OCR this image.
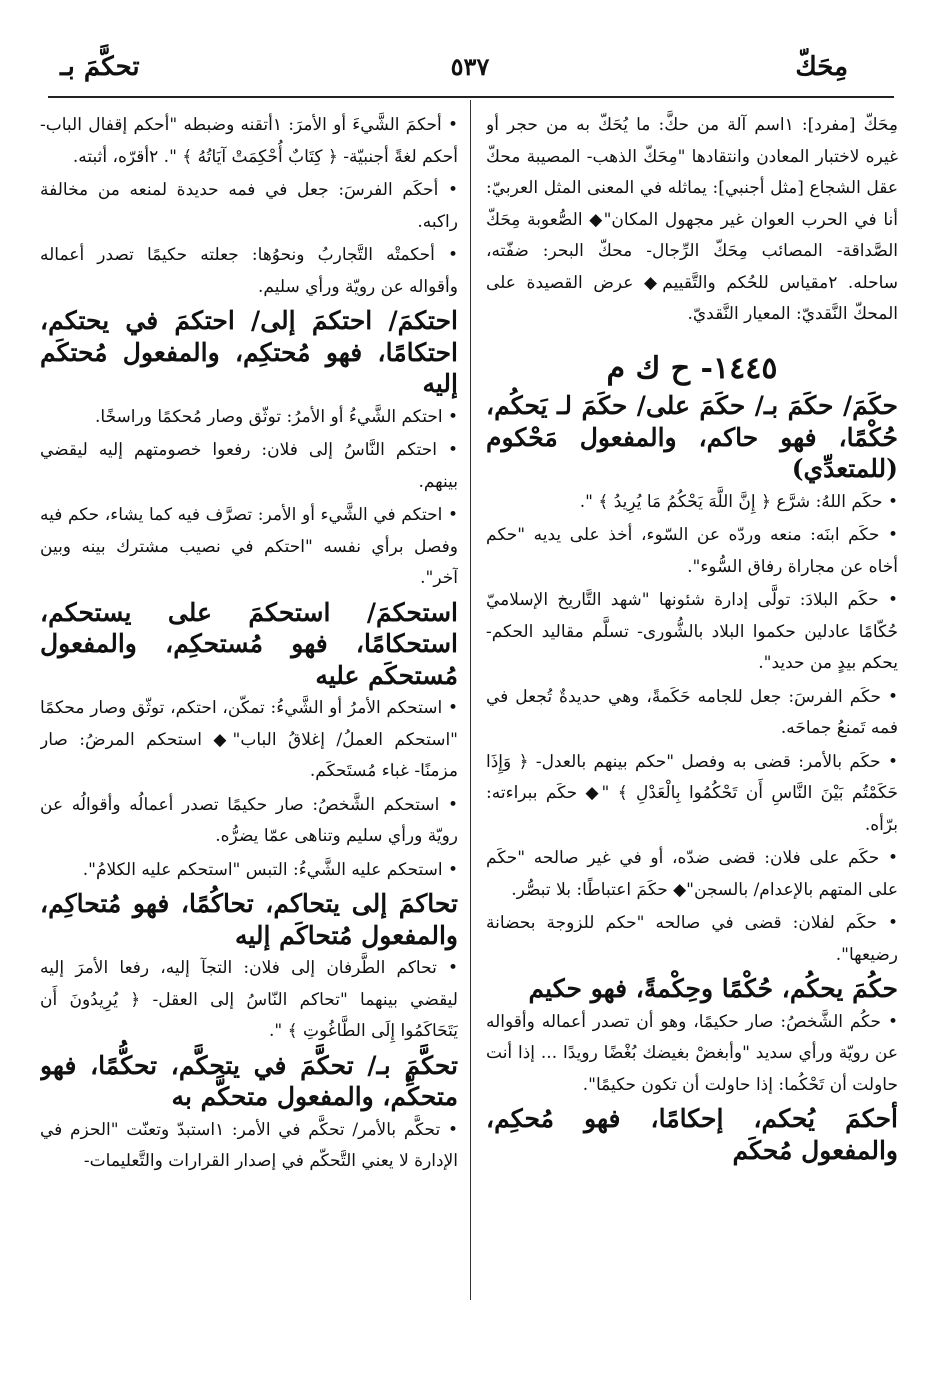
مِحَكّ
٥٣٧
تحكَّمَ بـ
مِحَكّ [مفرد]: ١اسم آلة من حكَّ: ما يُحَكّ به من حجر أو غيره لاختبار المعادن وانتقادها "مِحَكّ الذهب- المصيبة محكّ عقل الشجاع [مثل أجنبي]: يماثله في المعنى المثل العربيّ: أنا في الحرب العوان غير مجهول المكان"◆ الصُّعوبة مِحَكّ الصَّداقة- المصائب مِحَكّ الرِّجال- محكّ البحر: ضفّته، ساحله. ٢مقياس للحُكم والتَّقييم◆ عرض القصيدة على المحكّ النَّقديّ: المعيار النَّقديّ.
١٤٤٥- ح ك م
حكَمَ/ حكَمَ بـ/ حكَمَ على/ حكَمَ لـ يَحكُم، حُكْمًا، فهو حاكم، والمفعول مَحْكوم (للمتعدِّي)
• حكَم اللهُ: شرَّع ﴿ إِنَّ اللَّهَ يَحْكُمُ مَا يُرِيدُ ﴾ ".
• حكَم ابنَه: منعه وردّه عن السّوء، أخذ على يديه "حكم أخاه عن مجاراة رفاق السُّوء".
• حكَم البلادَ: تولَّى إدارة شئونها "شهد التَّاريخ الإسلاميّ حُكّامًا عادلين حكموا البلاد بالشُّورى- تسلَّم مقاليد الحكم- يحكم بيدٍ من حديد".
• حكَم الفرسَ: جعل للجامه حَكَمةً، وهي حديدةٌ تُجعل في فمه تَمنعُ جماحَه.
• حكَم بالأمر: قضى به وفصل "حكم بينهم بالعدل- ﴿ وَإِذَا حَكَمْتُم بَيْنَ النَّاسِ أَن تَحْكُمُوا بِالْعَدْلِ ﴾ "◆ حكَم ببراءته: برّأه.
• حكَم على فلان: قضى ضدّه، أو في غير صالحه "حكَم على المتهم بالإعدام/ بالسجن"◆ حكَمَ اعتباطًا: بلا تبصُّر.
• حكَم لفلان: قضى في صالحه "حكم للزوجة بحضانة رضيعها".
حكُمَ يحكُم، حُكْمًا وحِكْمةً، فهو حكيم
• حكُم الشَّخصُ: صار حكيمًا، وهو أن تصدر أعماله وأقواله عن رويّة ورأي سديد "وأبغضْ بغيضك بُغْضًا رويدًا ... إذا أنت حاولت أن تَحْكُما: إذا حاولت أن تكون حكيمًا".
أحكمَ يُحكم، إحكامًا، فهو مُحكِم، والمفعول مُحكَم
• أحكمَ الشَّيءَ أو الأمرَ: ١أتقنه وضبطه "أحكم إقفال الباب- أحكم لغةً أجنبيّة- ﴿ كِتَابٌ أُحْكِمَتْ آيَاتُهُ ﴾ ". ٢أقرّه، أثبته.
• أحكَم الفرسَ: جعل في فمه حديدة لمنعه من مخالفة راكبه.
• أحكمتْه التَّجاربُ ونحوُها: جعلته حكيمًا تصدر أعماله وأقواله عن رويّة ورأي سليم.
احتكمَ/ احتكمَ إلى/ احتكمَ في يحتكم، احتكامًا، فهو مُحتكِم، والمفعول مُحتكَم إليه
• احتكم الشَّيءُ أو الأمرُ: توثّق وصار مُحكمًا وراسخًا.
• احتكم النَّاسُ إلى فلان: رفعوا خصومتهم إليه ليقضي بينهم.
• احتكم في الشَّيء أو الأمر: تصرَّف فيه كما يشاء، حكم فيه وفصل برأي نفسه "احتكم في نصيب مشترك بينه وبين آخر".
استحكمَ/ استحكمَ على يستحكم، استحكامًا، فهو مُستحكِم، والمفعول مُستحكَم عليه
• استحكم الأمرُ أو الشَّيءُ: تمكّن، احتكم، توثّق وصار محكمًا "استحكم العملُ/ إغلاقُ الباب"◆ استحكم المرضُ: صار مزمنًا- غباء مُستَحكَم.
• استحكم الشَّخصُ: صار حكيمًا تصدر أعمالُه وأقوالُه عن رويّة ورأي سليم وتناهى عمّا يضرُّه.
• استحكم عليه الشَّيءُ: التبس "استحكم عليه الكلامُ".
تحاكمَ إلى يتحاكم، تحاكُمًا، فهو مُتحاكِم، والمفعول مُتحاكَم إليه
• تحاكم الطَّرفان إلى فلان: التجآ إليه، رفعا الأمرَ إليه ليقضي بينهما "تحاكم النّاسُ إلى العقل- ﴿ يُرِيدُونَ أَن يَتَحَاكَمُوا إِلَى الطَّاغُوتِ ﴾ ".
تحكَّمَ بـ/ تحكَّمَ في يتحكَّم، تحكُّمًا، فهو متحكِّم، والمفعول متحكَّم به
• تحكَّم بالأمر/ تحكَّم في الأمر: ١استبدّ وتعنّت "الحزم في الإدارة لا يعني التَّحكّم في إصدار القرارات والتَّعليمات-
